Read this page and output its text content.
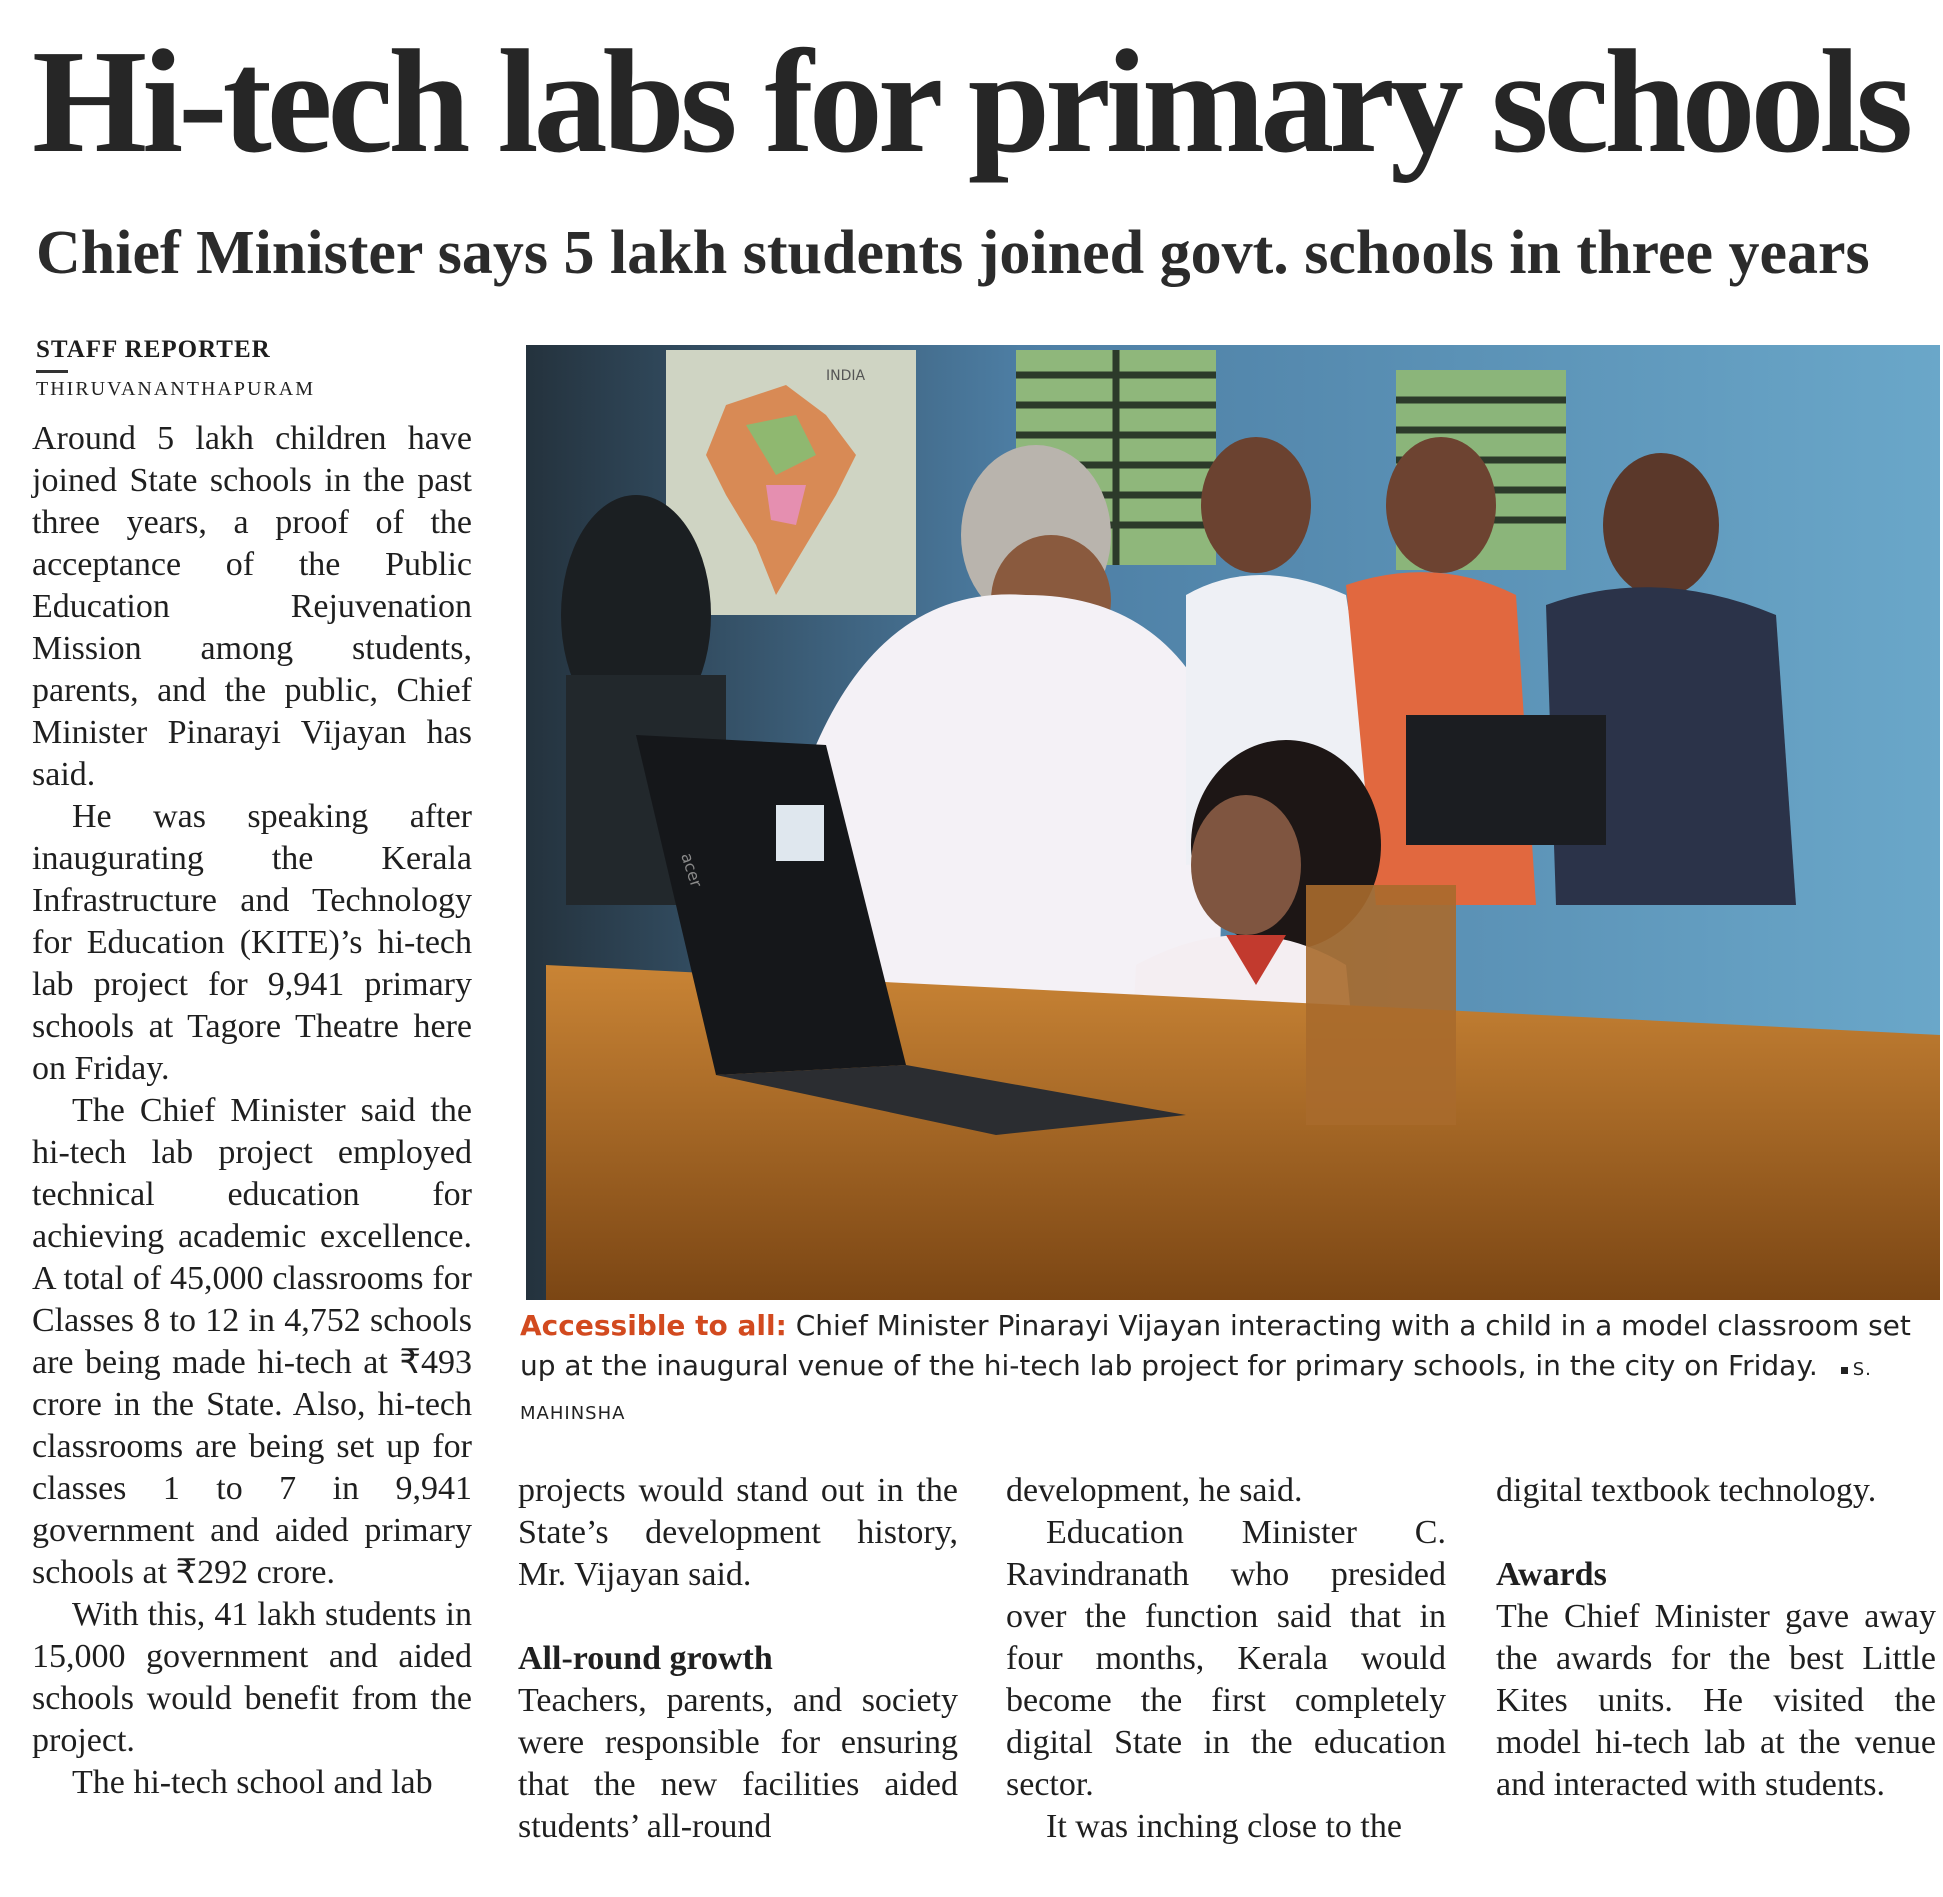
Hi-tech labs for primary schools
Chief Minister says 5 lakh students joined govt. schools in three years
STAFF REPORTER
THIRUVANANTHAPURAM

Around 5 lakh children have joined State schools in the past three years, a proof of the acceptance of the Public Education Rejuvenation Mission among students, parents, and the public, Chief Minister Pinarayi Vijayan has said.

He was speaking after inaugurating the Kerala Infrastructure and Technology for Education (KITE)’s hi-tech lab project for 9,941 primary schools at Tagore Theatre here on Friday.

The Chief Minister said the hi-tech lab project employed technical education for achieving academic excellence. A total of 45,000 classrooms for Classes 8 to 12 in 4,752 schools are being made hi-tech at ₹493 crore in the State. Also, hi-tech classrooms are being set up for classes 1 to 7 in 9,941 government and aided primary schools at ₹292 crore.

With this, 41 lakh students in 15,000 government and aided schools would benefit from the project.

The hi-tech school and lab

INDIA
acer
Accessible to all: Chief Minister Pinarayi Vijayan interacting with a child in a model classroom set up at the inaugural venue of the hi-tech lab project for primary schools, in the city on Friday. S. MAHINSHA

projects would stand out in the State’s development history, Mr. Vijayan said.

All-round growth

Teachers, parents, and society were responsible for ensuring that the new facilities aided students’ all-round

development, he said.

Education Minister C. Ravindranath who presided over the function said that in four months, Kerala would become the first completely digital State in the education sector.

It was inching close to the

digital textbook technology.

Awards

The Chief Minister gave away the awards for the best Little Kites units. He visited the model hi-tech lab at the venue and interacted with students.
